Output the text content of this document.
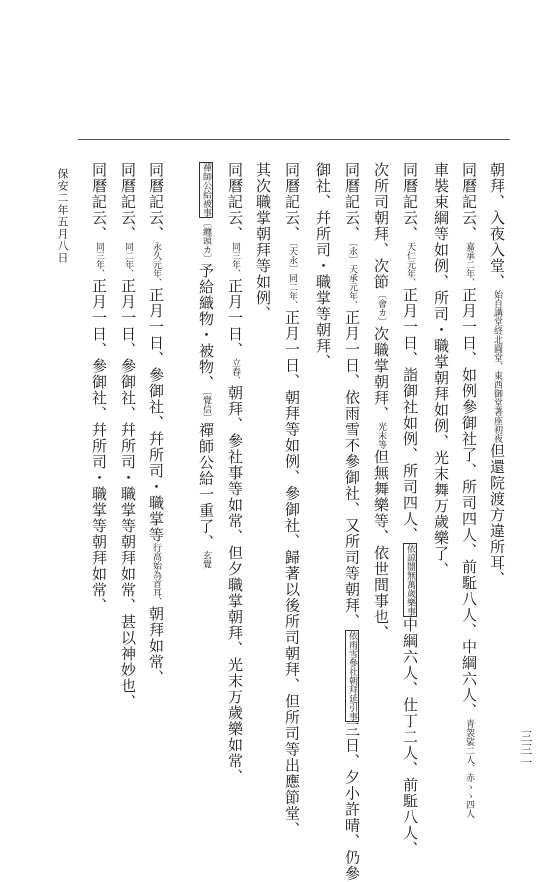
朝拜、入夜入堂、始自講堂終北圓堂、東西御堂著座初夜但還院渡方違所耳、
同曆記云、嘉承二年、正月一日、如例參御社了、所司四人、前駈八人、中綱六人、青袈裟二人、赤ゝゝ四人
車裝束綱等如例、所司・職掌朝拜如例、光末舞万歲樂了、
同曆記云、天仁元年、正月一日、詣御社如例、所司四人、依諒闇無萬歲樂事中綱六人、仕丁二人、前駈八人、
次所司朝拜、次節〔會カ〕次職掌朝拜、光末等但無舞樂等、依世間事也、
同曆記云、〔永〕天承元年、正月一日、依雨雪不參御社、又所司等朝拜、依雨雪參社朝拜延引事三日、夕小許晴、仍參
御社、幷所司・職掌等朝拜、
同曆記云、〔天永〕同二年、正月一日、朝拜等如例、參御社、歸著以後所司朝拜、但所司等出應節堂、
其次職掌朝拜等如例、
同曆記云、同三年、正月一日、立春、朝拜、參社事等如常、但夕職掌朝拜、光末万歲樂如常、
禪師公給被事〔纏頭カ〕予給織物・被物、〔覺信〕禪師公給一重了、玄覺
同曆記云、永久元年、正月一日、參御社、幷所司・職掌等行高始為首耳、朝拜如常、
同曆記云、同二年、正月一日、參御社、幷所司・職掌等朝拜如常、甚以神妙也、
同曆記云、同三年、正月一日、參御社、幷所司・職掌等朝拜如常、
保安二年五月八日
三三一
